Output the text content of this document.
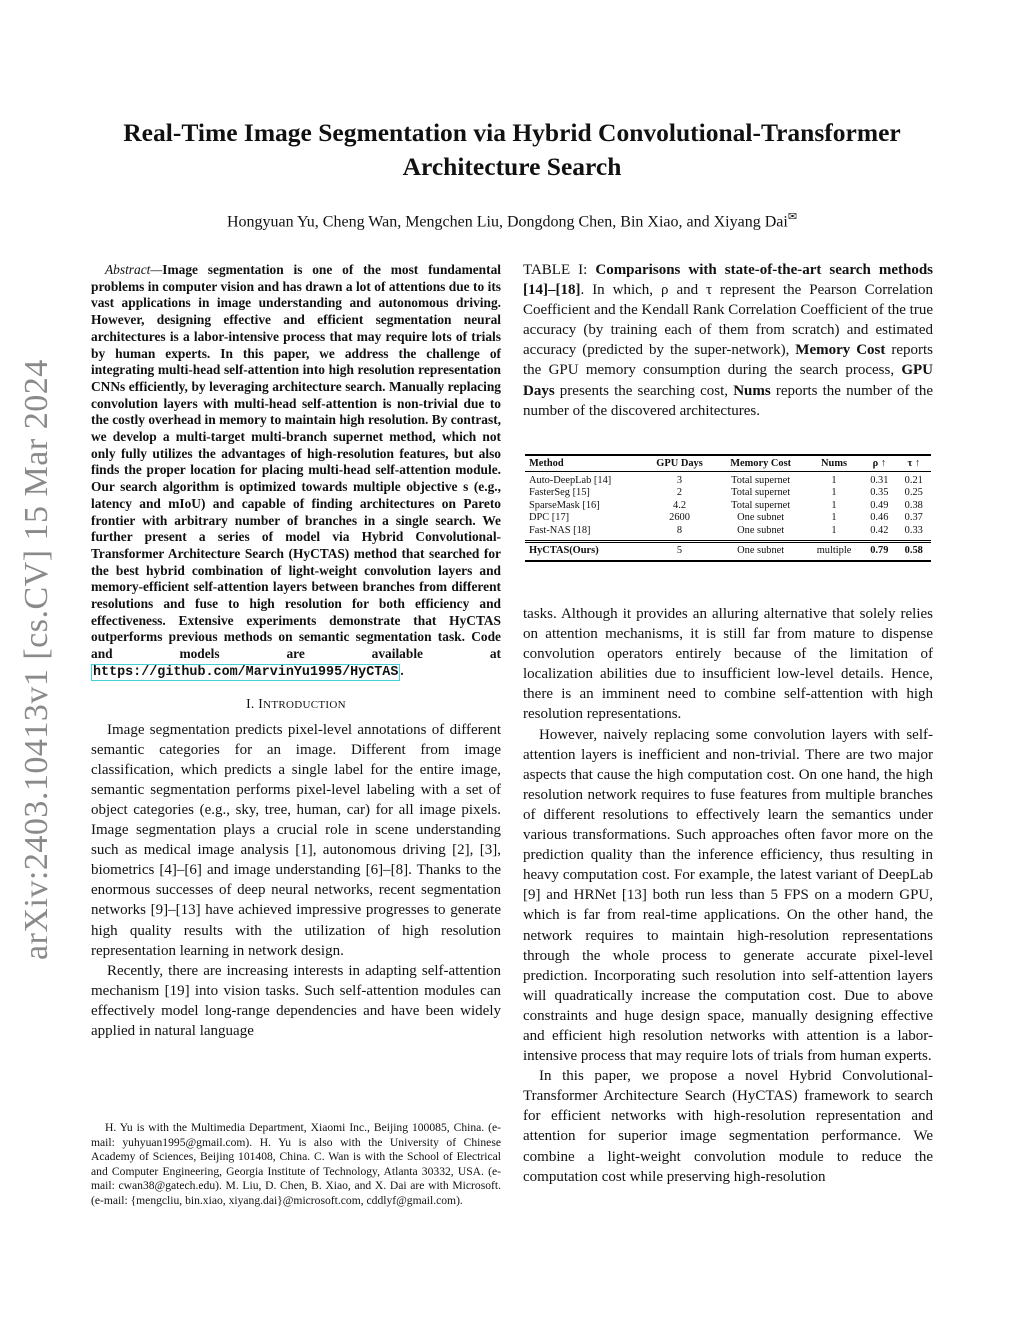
arXiv:2403.10413v1 [cs.CV] 15 Mar 2024
Real-Time Image Segmentation via Hybrid Convolutional-Transformer Architecture Search
Hongyuan Yu, Cheng Wan, Mengchen Liu, Dongdong Chen, Bin Xiao, and Xiyang Dai✉

Abstract—Image segmentation is one of the most fundamental problems in computer vision and has drawn a lot of attentions due to its vast applications in image understanding and autonomous driving. However, designing effective and efficient segmentation neural architectures is a labor-intensive process that may require lots of trials by human experts. In this paper, we address the challenge of integrating multi-head self-attention into high resolution representation CNNs efficiently, by leveraging architecture search. Manually replacing convolution layers with multi-head self-attention is non-trivial due to the costly overhead in memory to maintain high resolution. By contrast, we develop a multi-target multi-branch supernet method, which not only fully utilizes the advantages of high-resolution features, but also finds the proper location for placing multi-head self-attention module. Our search algorithm is optimized towards multiple objective s (e.g., latency and mIoU) and capable of finding architectures on Pareto frontier with arbitrary number of branches in a single search. We further present a series of model via Hybrid Convolutional-Transformer Architecture Search (HyCTAS) method that searched for the best hybrid combination of light-weight convolution layers and memory-efficient self-attention layers between branches from different resolutions and fuse to high resolution for both efficiency and effectiveness. Extensive experiments demonstrate that HyCTAS outperforms previous methods on semantic segmentation task. Code and models are available at https://github.com/MarvinYu1995/HyCTAS .

I. INTRODUCTION

Image segmentation predicts pixel-level annotations of different semantic categories for an image. Different from image classification, which predicts a single label for the entire image, semantic segmentation performs pixel-level labeling with a set of object categories (e.g., sky, tree, human, car) for all image pixels. Image segmentation plays a crucial role in scene understanding such as medical image analysis [1], autonomous driving [2], [3], biometrics [4]–[6] and image understanding [6]–[8]. Thanks to the enormous successes of deep neural networks, recent segmentation networks [9]–[13] have achieved impressive progresses to generate high quality results with the utilization of high resolution representation learning in network design.

Recently, there are increasing interests in adapting self-attention mechanism [19] into vision tasks. Such self-attention modules can effectively model long-range dependencies and have been widely applied in natural language

H. Yu is with the Multimedia Department, Xiaomi Inc., Beijing 100085, China. (e-mail: yuhyuan1995@gmail.com). H. Yu is also with the University of Chinese Academy of Sciences, Beijing 101408, China. C. Wan is with the School of Electrical and Computer Engineering, Georgia Institute of Technology, Atlanta 30332, USA. (e-mail: cwan38@gatech.edu). M. Liu, D. Chen, B. Xiao, and X. Dai are with Microsoft. (e-mail: {mengcliu, bin.xiao, xiyang.dai}@microsoft.com, cddlyf@gmail.com).

TABLE I: Comparisons with state-of-the-art search methods [14]–[18]. In which, ρ and τ represent the Pearson Correlation Coefficient and the Kendall Rank Correlation Coefficient of the true accuracy (by training each of them from scratch) and estimated accuracy (predicted by the super-network), Memory Cost reports the GPU memory consumption during the search process, GPU Days presents the searching cost, Nums reports the number of the number of the discovered architectures.

Method	GPU Days	Memory Cost	Nums	ρ ↑	τ ↑
Auto-DeepLab [14]	3	Total supernet	1	0.31	0.21
FasterSeg [15]	2	Total supernet	1	0.35	0.25
SparseMask [16]	4.2	Total supernet	1	0.49	0.38
DPC [17]	2600	One subnet	1	0.46	0.37
Fast-NAS [18]	8	One subnet	1	0.42	0.33
HyCTAS(Ours)	5	One subnet	multiple	0.79	0.58

tasks. Although it provides an alluring alternative that solely relies on attention mechanisms, it is still far from mature to dispense convolution operators entirely because of the limitation of localization abilities due to insufficient low-level details. Hence, there is an imminent need to combine self-attention with high resolution representations.

However, naively replacing some convolution layers with self-attention layers is inefficient and non-trivial. There are two major aspects that cause the high computation cost. On one hand, the high resolution network requires to fuse features from multiple branches of different resolutions to effectively learn the semantics under various transformations. Such approaches often favor more on the prediction quality than the inference efficiency, thus resulting in heavy computation cost. For example, the latest variant of DeepLab [9] and HRNet [13] both run less than 5 FPS on a modern GPU, which is far from real-time applications. On the other hand, the network requires to maintain high-resolution representations through the whole process to generate accurate pixel-level prediction. Incorporating such resolution into self-attention layers will quadratically increase the computation cost. Due to above constraints and huge design space, manually designing effective and efficient high resolution networks with attention is a labor-intensive process that may require lots of trials from human experts.

In this paper, we propose a novel Hybrid Convolutional-Transformer Architecture Search (HyCTAS) framework to search for efficient networks with high-resolution representation and attention for superior image segmentation performance. We combine a light-weight convolution module to reduce the computation cost while preserving high-resolution
